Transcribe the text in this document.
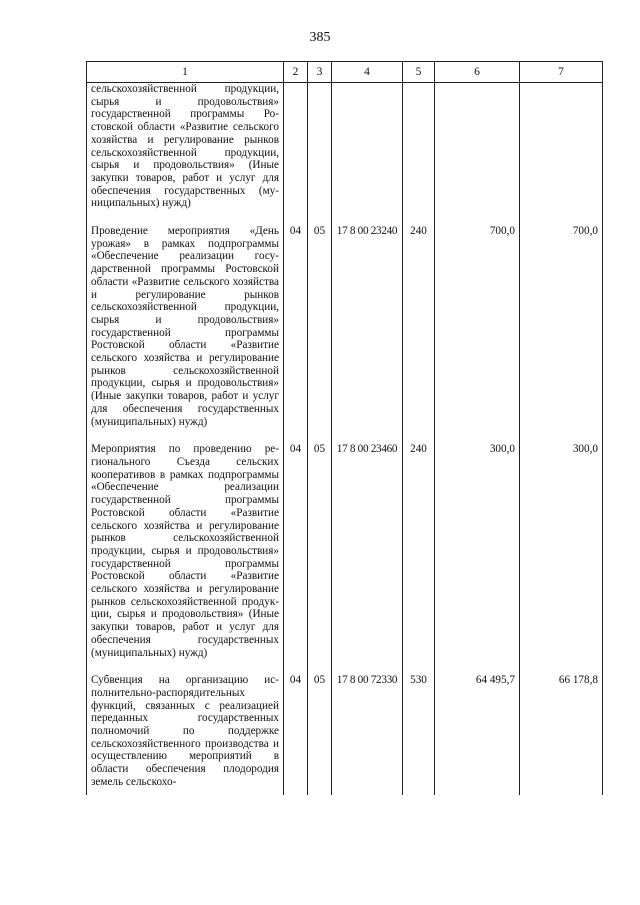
385
1	2	3	4	5	6	7
сельскохозяйственной продукции, сырья и продовольствия» государственной программы Ростовской области «Развитие сельского хозяйства и регулирование рынков сельскохозяйственной продукции, сырья и продовольствия» (Иные закупки товаров, работ и услуг для обеспечения государственных (муниципальных) нужд)						
Проведение мероприятия «День урожая» в рамках подпрограммы «Обеспечение реализации государственной программы Ростовской области «Развитие сельского хозяйства и регулирование рынков сельскохозяйственной продукции, сырья и продовольствия» государственной программы Ростовской области «Развитие сельского хозяйства и регулирование рынков сельскохозяйственной продукции, сырья и продовольствия» (Иные закупки товаров, работ и услуг для обеспечения государственных (муниципальных) нужд)	04	05	17 8 00 23240	240	700,0	700,0
Мероприятия по проведению регионального Съезда сельских кооперативов в рамках подпрограммы «Обеспечение реализации государственной программы Ростовской области «Развитие сельского хозяйства и регулирование рынков сельскохозяйственной продукции, сырья и продовольствия» государственной программы Ростовской области «Развитие сельского хозяйства и регулирование рынков сельскохозяйственной продукции, сырья и продовольствия» (Иные закупки товаров, работ и услуг для обеспечения государственных (муниципальных) нужд)	04	05	17 8 00 23460	240	300,0	300,0
Субвенция на организацию исполнительно-распорядительных функций, связанных с реализацией переданных государственных полномочий по поддержке сельскохозяйственного производства и осуществлению мероприятий в области обеспечения плодородия земель сельскохо-	04	05	17 8 00 72330	530	64 495,7	66 178,8
